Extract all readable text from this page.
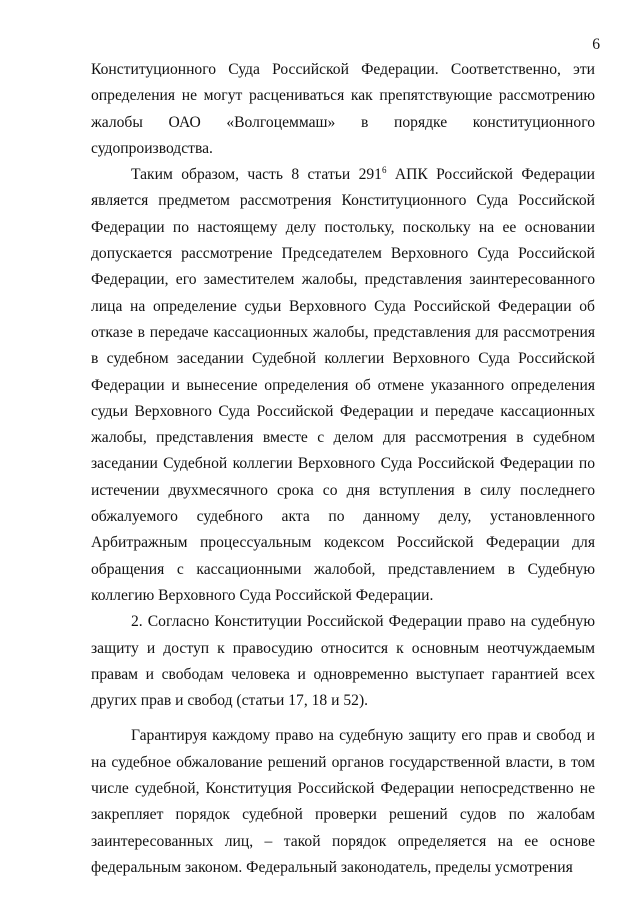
6

Конституционного Суда Российской Федерации. Соответственно, эти определения не могут расцениваться как препятствующие рассмотрению жалобы ОАО «Волгоцеммаш» в порядке конституционного судопроизводства.

Таким образом, часть 8 статьи $291^6$ АПК Российской Федерации является предметом рассмотрения Конституционного Суда Российской Федерации по настоящему делу постольку, поскольку на ее основании допускается рассмотрение Председателем Верховного Суда Российской Федерации, его заместителем жалобы, представления заинтересованного лица на определение судьи Верховного Суда Российской Федерации об отказе в передаче кассационных жалобы, представления для рассмотрения в судебном заседании Судебной коллегии Верховного Суда Российской Федерации и вынесение определения об отмене указанного определения судьи Верховного Суда Российской Федерации и передаче кассационных жалобы, представления вместе с делом для рассмотрения в судебном заседании Судебной коллегии Верховного Суда Российской Федерации по истечении двухмесячного срока со дня вступления в силу последнего обжалуемого судебного акта по данному делу, установленного Арбитражным процессуальным кодексом Российской Федерации для обращения с кассационными жалобой, представлением в Судебную коллегию Верховного Суда Российской Федерации.

2. Согласно Конституции Российской Федерации право на судебную защиту и доступ к правосудию относится к основным неотчуждаемым правам и свободам человека и одновременно выступает гарантией всех других прав и свобод (статьи 17, 18 и 52).

Гарантируя каждому право на судебную защиту его прав и свобод и на судебное обжалование решений органов государственной власти, в том числе судебной, Конституция Российской Федерации непосредственно не закрепляет порядок судебной проверки решений судов по жалобам заинтересованных лиц, – такой порядок определяется на ее основе федеральным законом. Федеральный законодатель, пределы усмотрения
